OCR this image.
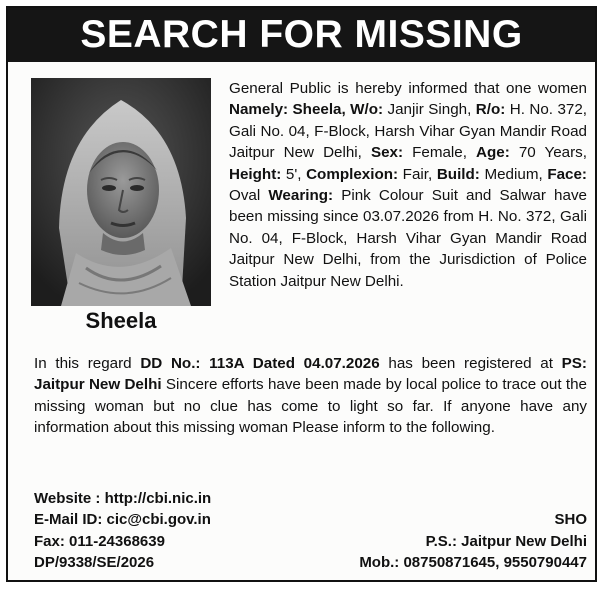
SEARCH FOR MISSING
Sheela
General Public is hereby informed that one women Namely: Sheela, W/o: Janjir Singh, R/o: H. No. 372, Gali No. 04, F-Block, Harsh Vihar Gyan Mandir Road Jaitpur New Delhi, Sex: Female, Age: 70 Years, Height: 5', Complexion: Fair, Build: Medium, Face: Oval Wearing: Pink Colour Suit and Salwar have been missing since 03.07.2026 from H. No. 372, Gali No. 04, F-Block, Harsh Vihar Gyan Mandir Road Jaitpur New Delhi, from the Jurisdiction of Police Station Jaitpur New Delhi.
In this regard DD No.: 113A Dated 04.07.2026 has been registered at PS: Jaitpur New Delhi Sincere efforts have been made by local police to trace out the missing woman but no clue has come to light so far. If anyone have any information about this missing woman Please inform to the following.
Website : http://cbi.nic.in
E-Mail ID: cic@cbi.gov.in	SHO
Fax: 011-24368639	P.S.: Jaitpur New Delhi
DP/9338/SE/2026	Mob.: 08750871645, 9550790447
